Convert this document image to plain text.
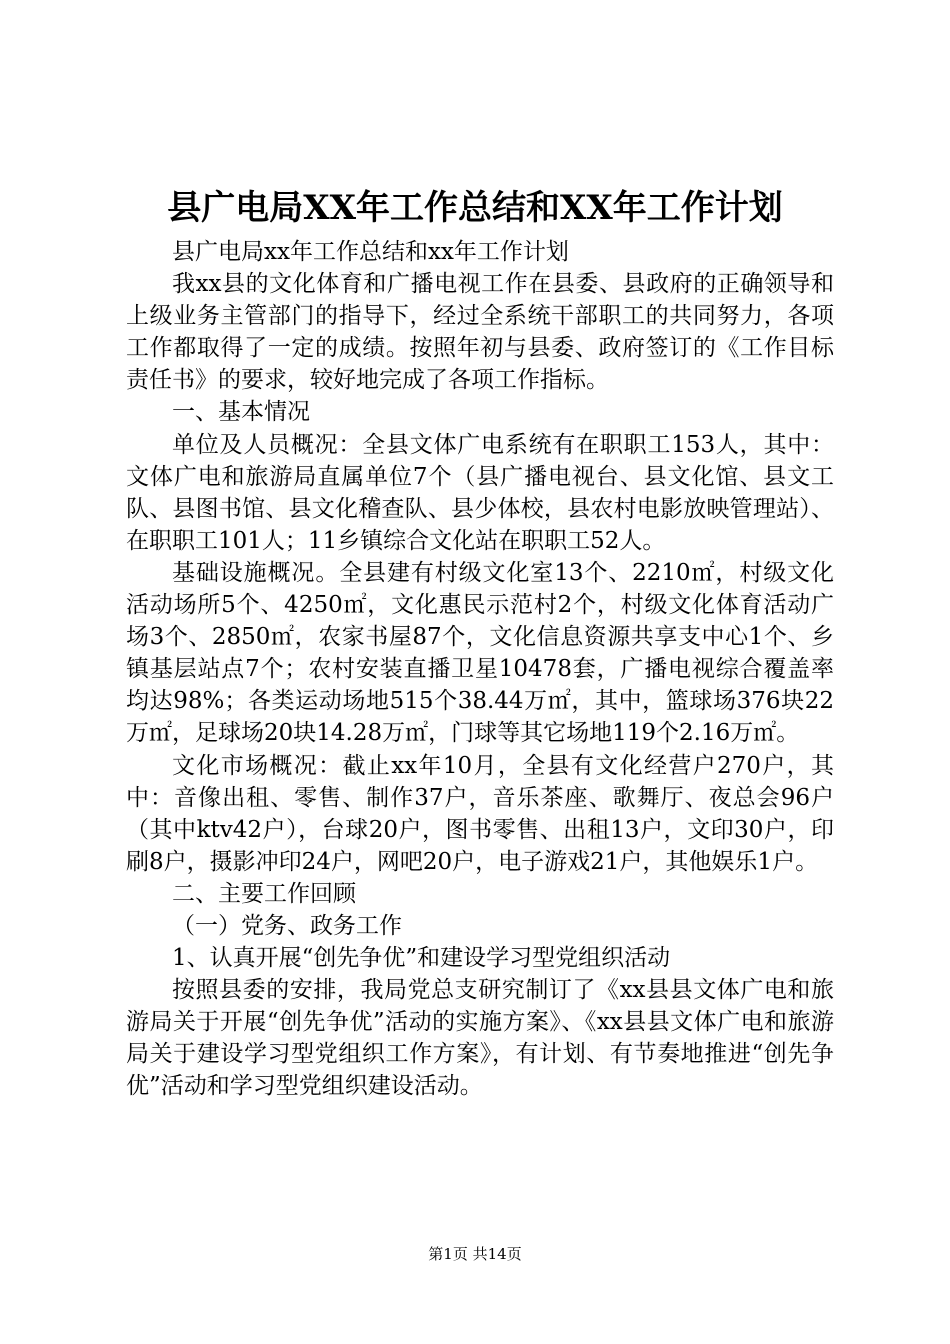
县广电局XX年工作总结和XX年工作计划

县广电局xx年工作总结和xx年工作计划

我xx县的文化体育和广播电视工作在县委、县政府的正确领导和上级业务主管部门的指导下，经过全系统干部职工的共同努力，各项工作都取得了一定的成绩。按照年初与县委、政府签订的《工作目标责任书》的要求，较好地完成了各项工作指标。

一、基本情况

单位及人员概况：全县文体广电系统有在职职工153人，其中：文体广电和旅游局直属单位7个（县广播电视台、县文化馆、县文工队、县图书馆、县文化稽查队、县少体校，县农村电影放映管理站）、在职职工101人；11乡镇综合文化站在职职工52人。

基础设施概况。全县建有村级文化室13个、2210㎡，村级文化活动场所5个、4250㎡，文化惠民示范村2个，村级文化体育活动广场3个、2850㎡，农家书屋87个，文化信息资源共享支中心1个、乡镇基层站点7个；农村安装直播卫星10478套，广播电视综合覆盖率均达98%；各类运动场地515个38.44万㎡，其中，篮球场376块22万㎡，足球场20块14.28万㎡，门球等其它场地119个2.16万㎡。

文化市场概况：截止xx年10月，全县有文化经营户270户，其中：音像出租、零售、制作37户，音乐茶座、歌舞厅、夜总会96户（其中ktv42户），台球20户，图书零售、出租13户，文印30户，印刷8户，摄影冲印24户，网吧20户，电子游戏21户，其他娱乐1户。

二、主要工作回顾

（一）党务、政务工作

1、认真开展“创先争优”和建设学习型党组织活动

按照县委的安排，我局党总支研究制订了《xx县县文体广电和旅游局关于开展“创先争优”活动的实施方案》、《xx县县文体广电和旅游局关于建设学习型党组织工作方案》，有计划、有节奏地推进“创先争优”活动和学习型党组织建设活动。

第1页 共14页
